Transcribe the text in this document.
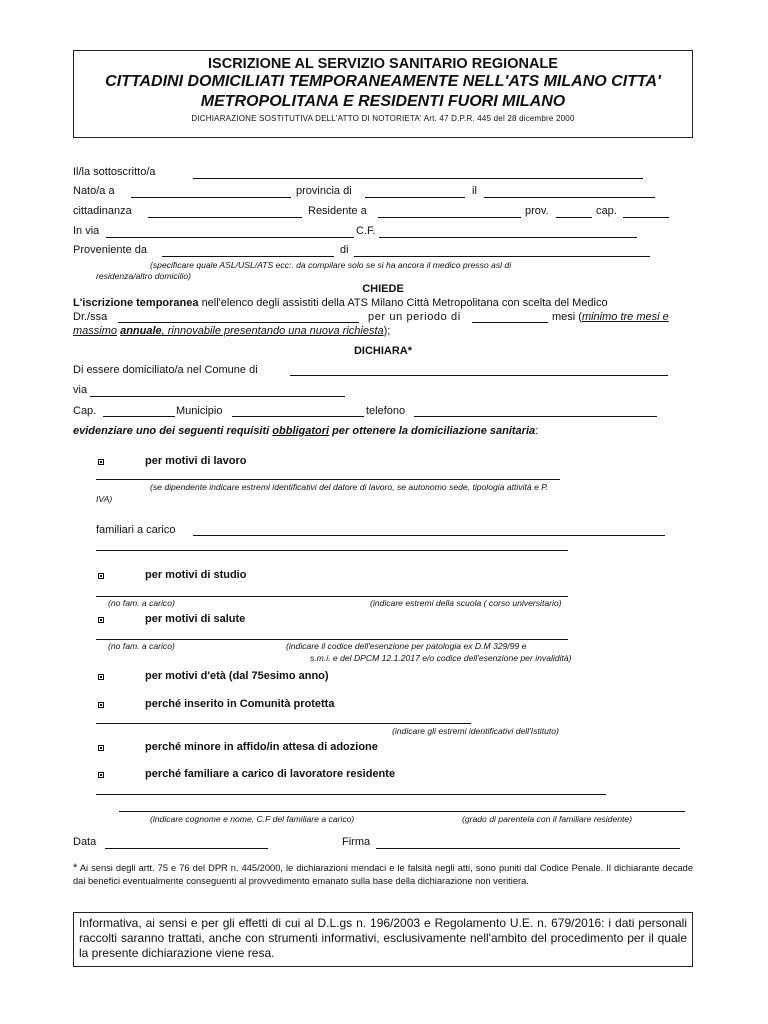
ISCRIZIONE AL SERVIZIO SANITARIO REGIONALE
CITTADINI DOMICILIATI TEMPORANEAMENTE NELL'ATS MILANO CITTA'
METROPOLITANA E RESIDENTI FUORI MILANO
DICHIARAZIONE SOSTITUTIVA DELL'ATTO DI NOTORIETA' Art. 47 D.P.R. 445 del 28 dicembre 2000
Il/la sottoscritto/a
Nato/a a	provincia di	il
cittadinanza	Residente a	prov.	cap.
In via	C.F.
Proveniente da	di
(specificare quale ASL/USL/ATS ecc:. da compilare solo se si ha ancora il medico presso asl di
residenza/altro domicilio)
CHIEDE
L'iscrizione temporanea nell'elenco degli assistiti della ATS Milano Città Metropolitana con scelta del Medico
Dr./ssa	per un periodo di	mesi (minimo tre mesi e
massimo annuale, rinnovabile presentando una nuova richiesta);
DICHIARA*
Di essere domiciliato/a nel Comune di
via
Cap.	Municipio	telefono
evidenziare uno dei seguenti requisiti obbligatori per ottenere la domiciliazione sanitaria:
per motivi di lavoro
(se dipendente indicare estremi identificativi del datore di lavoro, se autonomo sede, tipologia attività e P.
IVA)
familiari a carico
per motivi di studio
(no fam. a carico)	(indicare estremi della scuola ( corso universitario)
per motivi di salute
(no fam. a carico)	(indicare il codice dell'esenzione per patologia ex D.M 329/99 e
s.m.i. e del DPCM 12.1.2017 e/o codice dell'esenzione per invalidità)
per motivi d'età (dal 75esimo anno)
perché inserito in Comunità protetta
(indicare gli estremi identificativi dell'Istituto)
perché minore in affido/in attesa di adozione
perché familiare a carico di lavoratore residente
(indicare cognome e nome, C.F del familiare a carico)	(grado di parentela con il familiare residente)
Data	Firma
* Ai sensi degli artt. 75 e 76 del DPR n. 445/2000, le dichiarazioni mendaci e le falsità negli atti, sono puniti dal Codice Penale. Il dichiarante decade dai benefici eventualmente conseguenti al provvedimento emanato sulla base della dichiarazione non veritiera.
Informativa, ai sensi e per gli effetti di cui al D.L.gs n. 196/2003 e Regolamento U.E. n. 679/2016: i dati personali raccolti saranno trattati, anche con strumenti informativi, esclusivamente nell'ambito del procedimento per il quale la presente dichiarazione viene resa.
